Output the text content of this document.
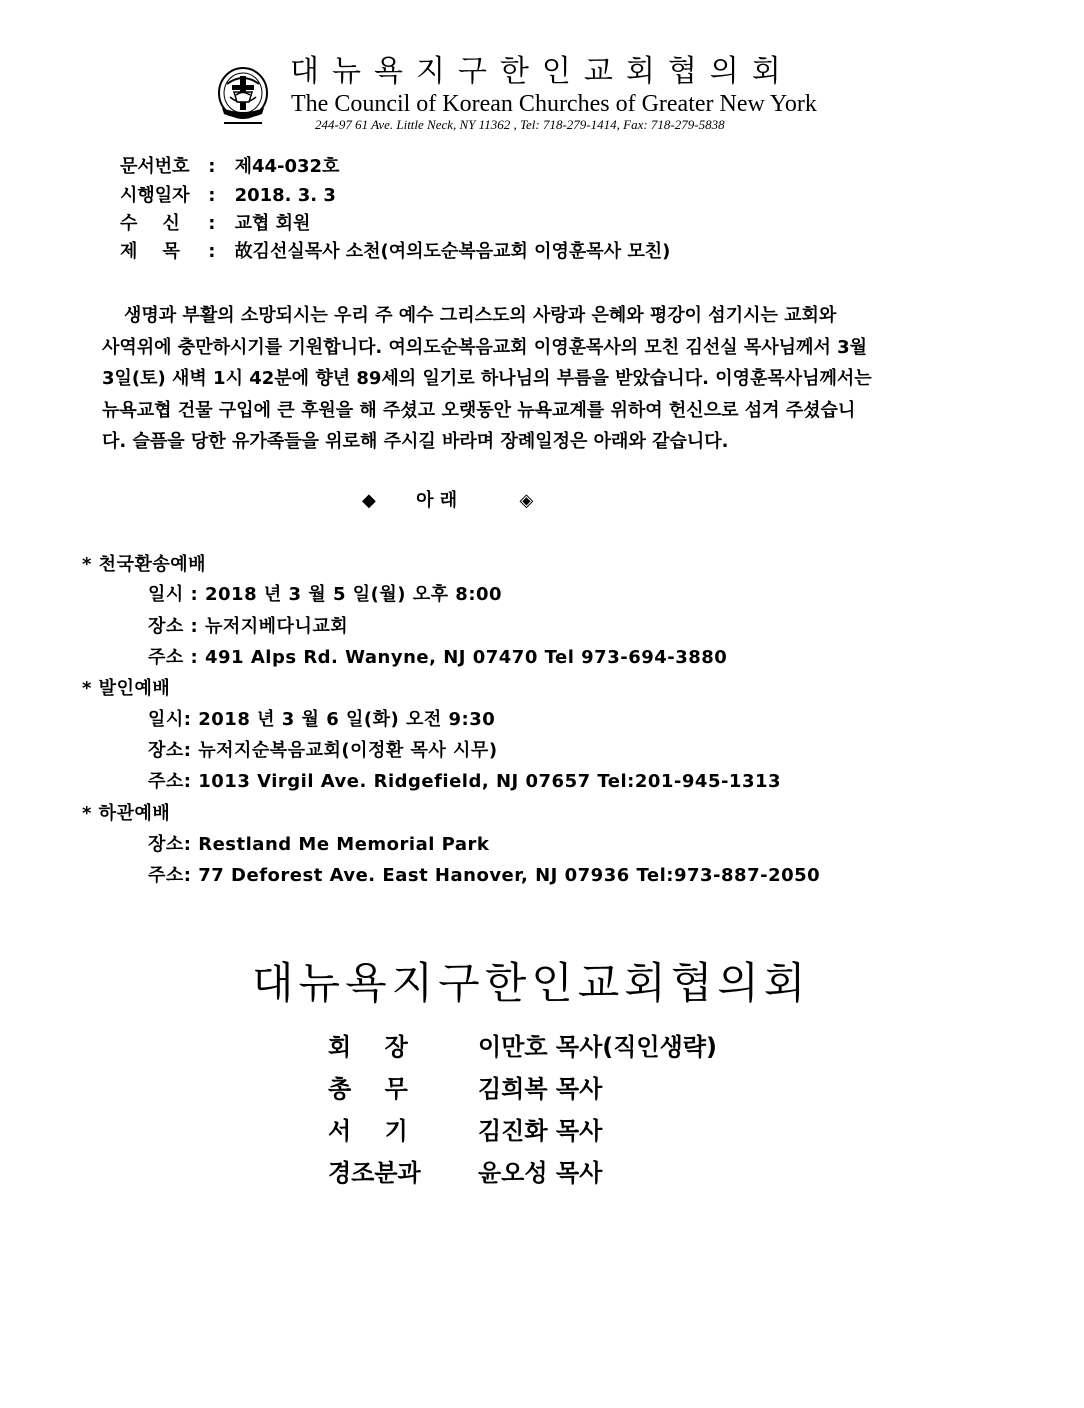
대뉴욕지구한인교회협의회
The Council of Korean Churches of Greater New York
244-97 61 Ave. Little Neck, NY 11362 , Tel: 718-279-1414, Fax: 718-279-5838
문서번호 : 제44-032호
시행일자 : 2018. 3. 3
수    신 : 교협 회원
제    목 : 故김선실목사 소천(여의도순복음교회 이영훈목사 모친)
생명과 부활의 소망되시는 우리 주 예수 그리스도의 사랑과 은혜와 평강이 섬기시는 교회와
사역위에 충만하시기를 기원합니다. 여의도순복음교회 이영훈목사의 모친 김선실 목사님께서 3월
3일(토) 새벽 1시 42분에 향년 89세의 일기로 하나님의 부름을 받았습니다. 이영훈목사님께서는
뉴욕교협 건물 구입에 큰 후원을 해 주셨고 오랫동안 뉴욕교계를 위하여 헌신으로 섬겨 주셨습니
다. 슬픔을 당한 유가족들을 위로해 주시길 바라며 장례일정은 아래와 같습니다.
◆ 아 래	◈
* 천국환송예배
일시 : 2018 년 3 월 5 일(월) 오후 8:00
장소 : 뉴저지베다니교회
주소 : 491 Alps Rd. Wanyne, NJ 07470 Tel 973-694-3880
* 발인예배
일시: 2018 년 3 월 6 일(화) 오전 9:30
장소: 뉴저지순복음교회(이정환 목사 시무)
주소: 1013 Virgil Ave. Ridgefield, NJ 07657 Tel:201-945-1313
* 하관예배
장소: Restland Me Memorial Park
주소: 77 Deforest Ave. East Hanover, NJ 07936 Tel:973-887-2050
대뉴욕지구한인교회협의회
회    장	이만호 목사(직인생략)
총    무	김희복 목사
서    기	김진화 목사
경조분과 윤오성 목사
